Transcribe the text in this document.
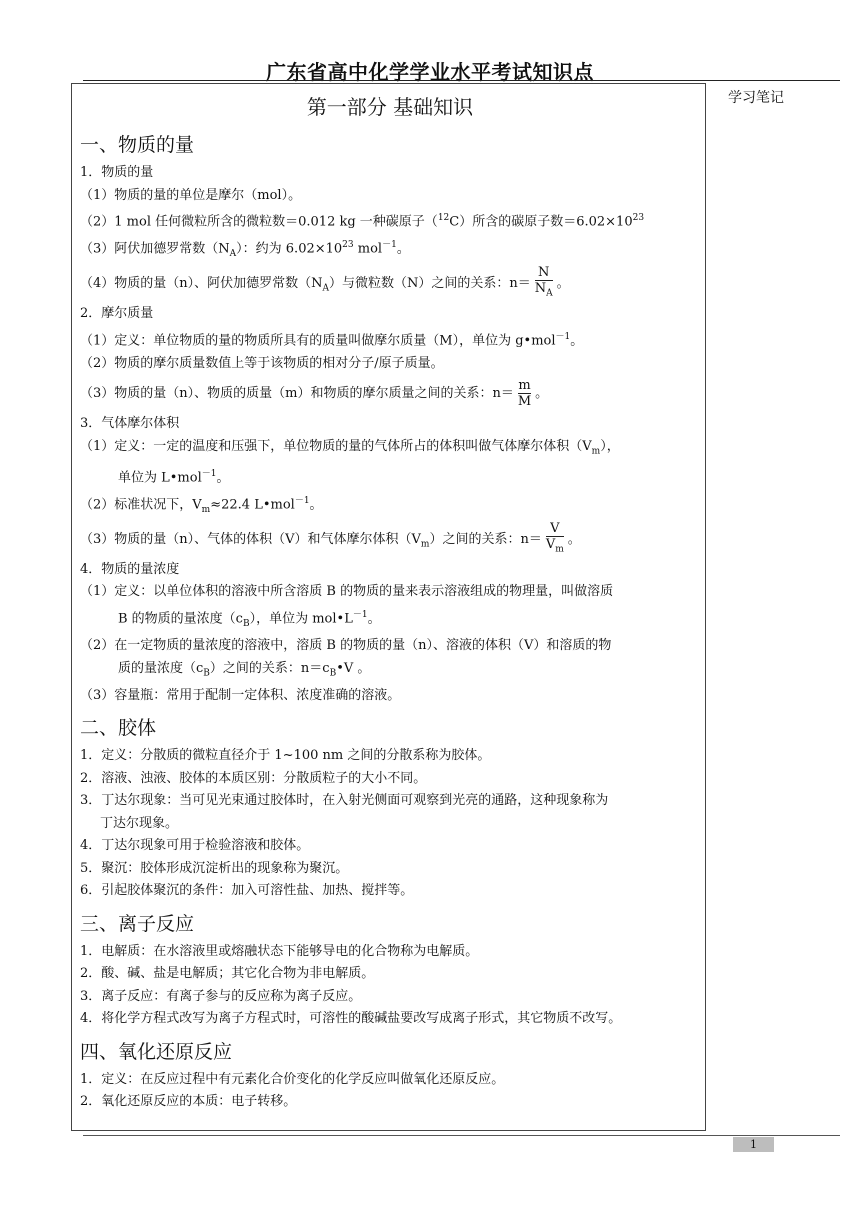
广东省高中化学学业水平考试知识点
学习笔记
第一部分 基础知识
一、物质的量
1．物质的量
（1）物质的量的单位是摩尔（mol）。
（2）1 mol 任何微粒所含的微粒数＝0.012 kg 一种碳原子（$^{12}$C）所含的碳原子数$=6.02\times 10^{23}$
（3）阿伏加德罗常数$(N_A)$：约为 $6.02\times 10^{23}$ mol$^{-1}$。
（4）物质的量（n）、阿伏加德罗常数$(N_A)$与微粒数（N）之间的关系：$n= \frac{N}{N_A}$ 。
2．摩尔质量
（1）定义：单位物质的量的物质所具有的质量叫做摩尔质量（M），单位为 g•mol$^{-1}$。
（2）物质的摩尔质量数值上等于该物质的相对分子/原子质量。
（3）物质的量（n）、物质的质量（m）和物质的摩尔质量之间的关系：$n= \frac{m}{M}$ 。
3．气体摩尔体积
（1）定义：一定的温度和压强下，单位物质的量的气体所占的体积叫做气体摩尔体积$(V_m)$，
单位为 L•mol$^{-1}$。
（2）标准状况下，$V_m\approx 22.4$ L•mol$^{-1}$。
（3）物质的量（n）、气体的体积（V）和气体摩尔体积$(V_m)$之间的关系：$n= \frac{V}{V_m}$ 。
4．物质的量浓度
（1）定义：以单位体积的溶液中所含溶质 B 的物质的量来表示溶液组成的物理量，叫做溶质
B 的物质的量浓度$(c_B)$，单位为 $mol•L^{-1}$。
（2）在一定物质的量浓度的溶液中，溶质 B 的物质的量（n）、溶液的体积（V）和溶质的物
质的量浓度$(c_B)$之间的关系：$n=c_B•V$ 。
（3）容量瓶：常用于配制一定体积、浓度准确的溶液。
二、胶体
1．定义：分散质的微粒直径介于 1~100 nm 之间的分散系称为胶体。
2．溶液、浊液、胶体的本质区别：分散质粒子的大小不同。
3．丁达尔现象：当可见光束通过胶体时，在入射光侧面可观察到光亮的通路，这种现象称为
丁达尔现象。
4．丁达尔现象可用于检验溶液和胶体。
5．聚沉：胶体形成沉淀析出的现象称为聚沉。
6．引起胶体聚沉的条件：加入可溶性盐、加热、搅拌等。
三、离子反应
1．电解质：在水溶液里或熔融状态下能够导电的化合物称为电解质。
2．酸、碱、盐是电解质；其它化合物为非电解质。
3．离子反应：有离子参与的反应称为离子反应。
4．将化学方程式改写为离子方程式时，可溶性的酸碱盐要改写成离子形式，其它物质不改写。
四、氧化还原反应
1．定义：在反应过程中有元素化合价变化的化学反应叫做氧化还原反应。
2．氧化还原反应的本质：电子转移。
1
